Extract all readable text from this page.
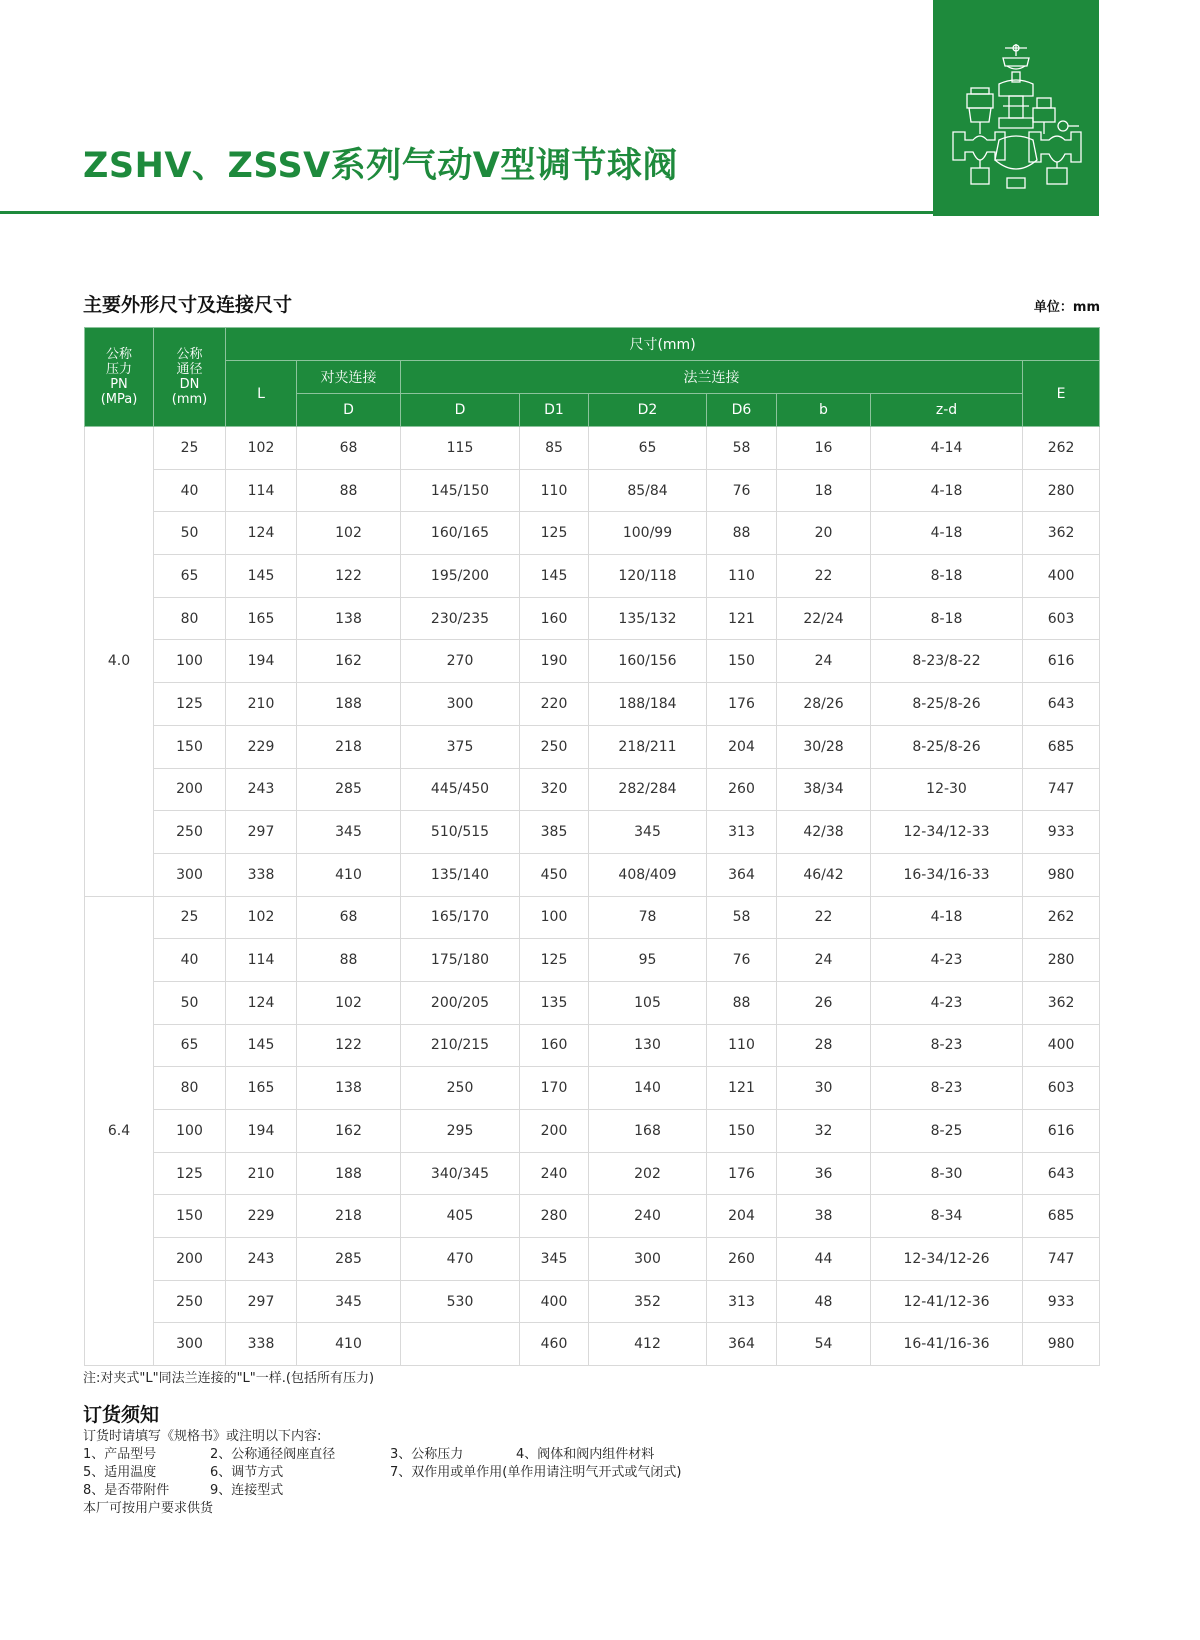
ZSHV、ZSSV系列气动V型调节球阀
主要外形尺寸及连接尺寸	单位：mm
公称
压力
PN
(MPa)	公称
通径
DN
(mm)	尺寸(mm)								
		L	对夹连接	法兰连接						E
			D	D	D1	D2	D6	b	z-d	
4.0	25	102	68	115	85	65	58	16	4-14	262
	40	114	88	145/150	110	85/84	76	18	4-18	280
	50	124	102	160/165	125	100/99	88	20	4-18	362
	65	145	122	195/200	145	120/118	110	22	8-18	400
	80	165	138	230/235	160	135/132	121	22/24	8-18	603
	100	194	162	270	190	160/156	150	24	8-23/8-22	616
	125	210	188	300	220	188/184	176	28/26	8-25/8-26	643
	150	229	218	375	250	218/211	204	30/28	8-25/8-26	685
	200	243	285	445/450	320	282/284	260	38/34	12-30	747
	250	297	345	510/515	385	345	313	42/38	12-34/12-33	933
	300	338	410	135/140	450	408/409	364	46/42	16-34/16-33	980
6.4	25	102	68	165/170	100	78	58	22	4-18	262
	40	114	88	175/180	125	95	76	24	4-23	280
	50	124	102	200/205	135	105	88	26	4-23	362
	65	145	122	210/215	160	130	110	28	8-23	400
	80	165	138	250	170	140	121	30	8-23	603
	100	194	162	295	200	168	150	32	8-25	616
	125	210	188	340/345	240	202	176	36	8-30	643
	150	229	218	405	280	240	204	38	8-34	685
	200	243	285	470	345	300	260	44	12-34/12-26	747
	250	297	345	530	400	352	313	48	12-41/12-36	933
	300	338	410		460	412	364	54	16-41/16-36	980
注:对夹式"L"同法兰连接的"L"一样.(包括所有压力)
订货须知
订货时请填写《规格书》或注明以下内容:
1、产品型号	2、公称通径阀座直径	3、公称压力	4、阀体和阀内组件材料
5、适用温度	6、调节方式	7、双作用或单作用(单作用请注明气开式或气闭式)
8、是否带附件	9、连接型式
本厂可按用户要求供货
